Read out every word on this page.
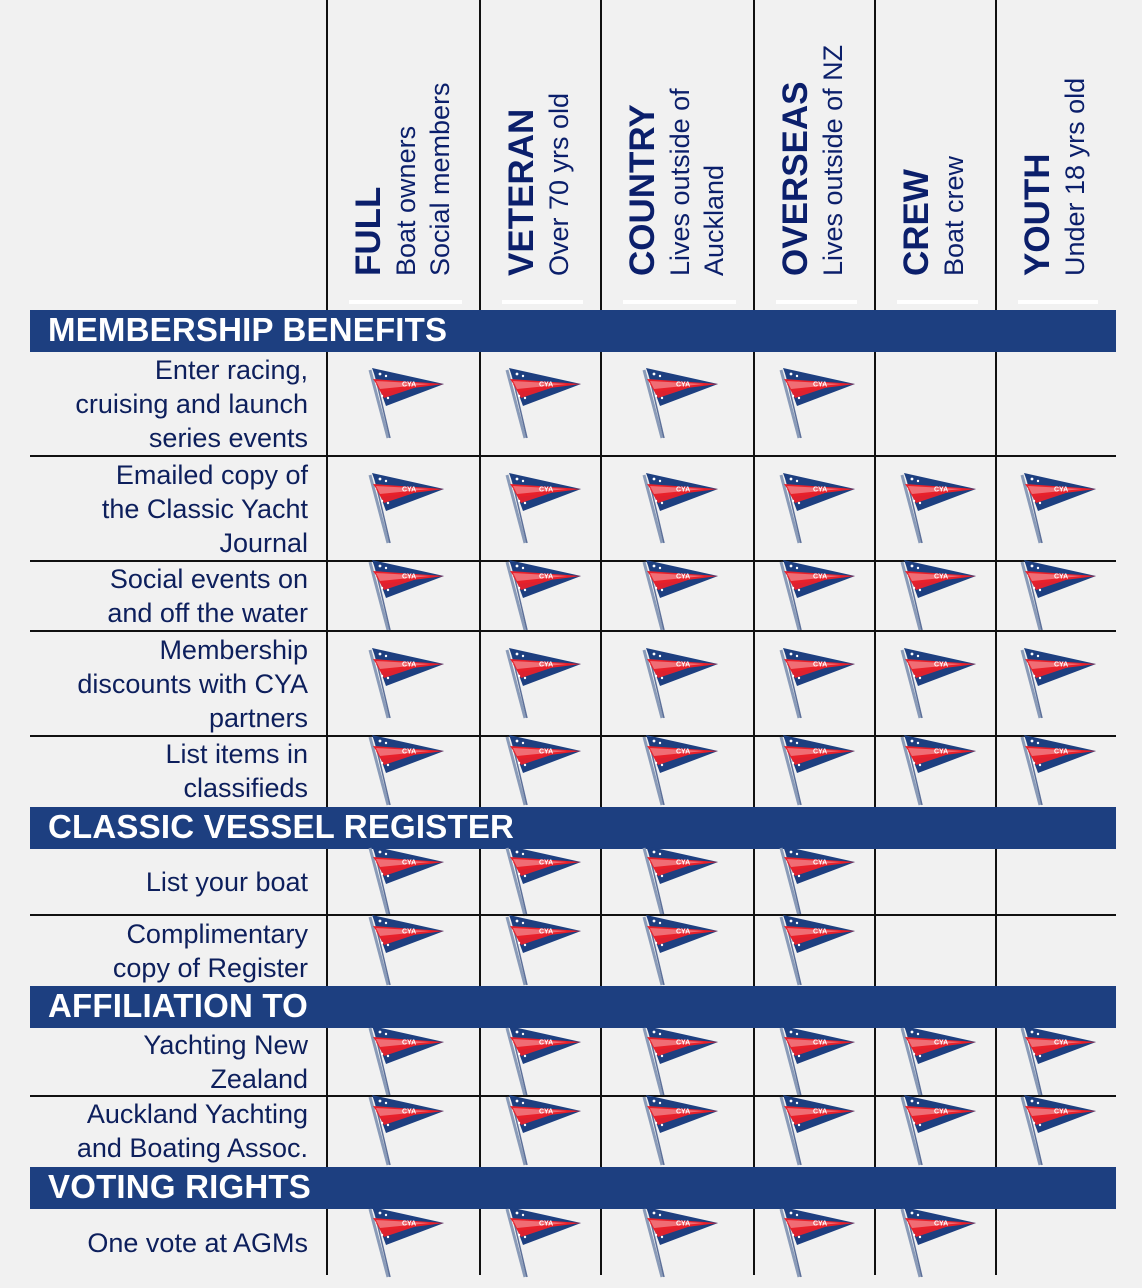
FULL Boat owners Social members VETERAN Over 70 yrs old COUNTRY Lives outside of Auckland OVERSEAS Lives outside of NZ CREW Boat crew YOUTH Under 18 yrs old
MEMBERSHIP BENEFITS
Enter racing,
cruising and launch
series events
CYA	CYA	CYA	CYA
Emailed copy of
the Classic Yacht
Journal
CYA	CYA	CYA	CYA	CYA	CYA
Social events on
and off the water
CYA	CYA	CYA	CYA	CYA	CYA
Membership
discounts with CYA
partners
CYA	CYA	CYA	CYA	CYA	CYA
List items in
classifieds
CYA	CYA	CYA	CYA	CYA	CYA
CLASSIC VESSEL REGISTER
List your boat
CYA	CYA	CYA	CYA
Complimentary
copy of Register
CYA	CYA	CYA	CYA
AFFILIATION TO
Yachting New
Zealand
CYA	CYA	CYA	CYA	CYA	CYA
Auckland Yachting
and Boating Assoc.
CYA	CYA	CYA	CYA	CYA	CYA
VOTING RIGHTS
One vote at AGMs
CYA	CYA	CYA	CYA	CYA
